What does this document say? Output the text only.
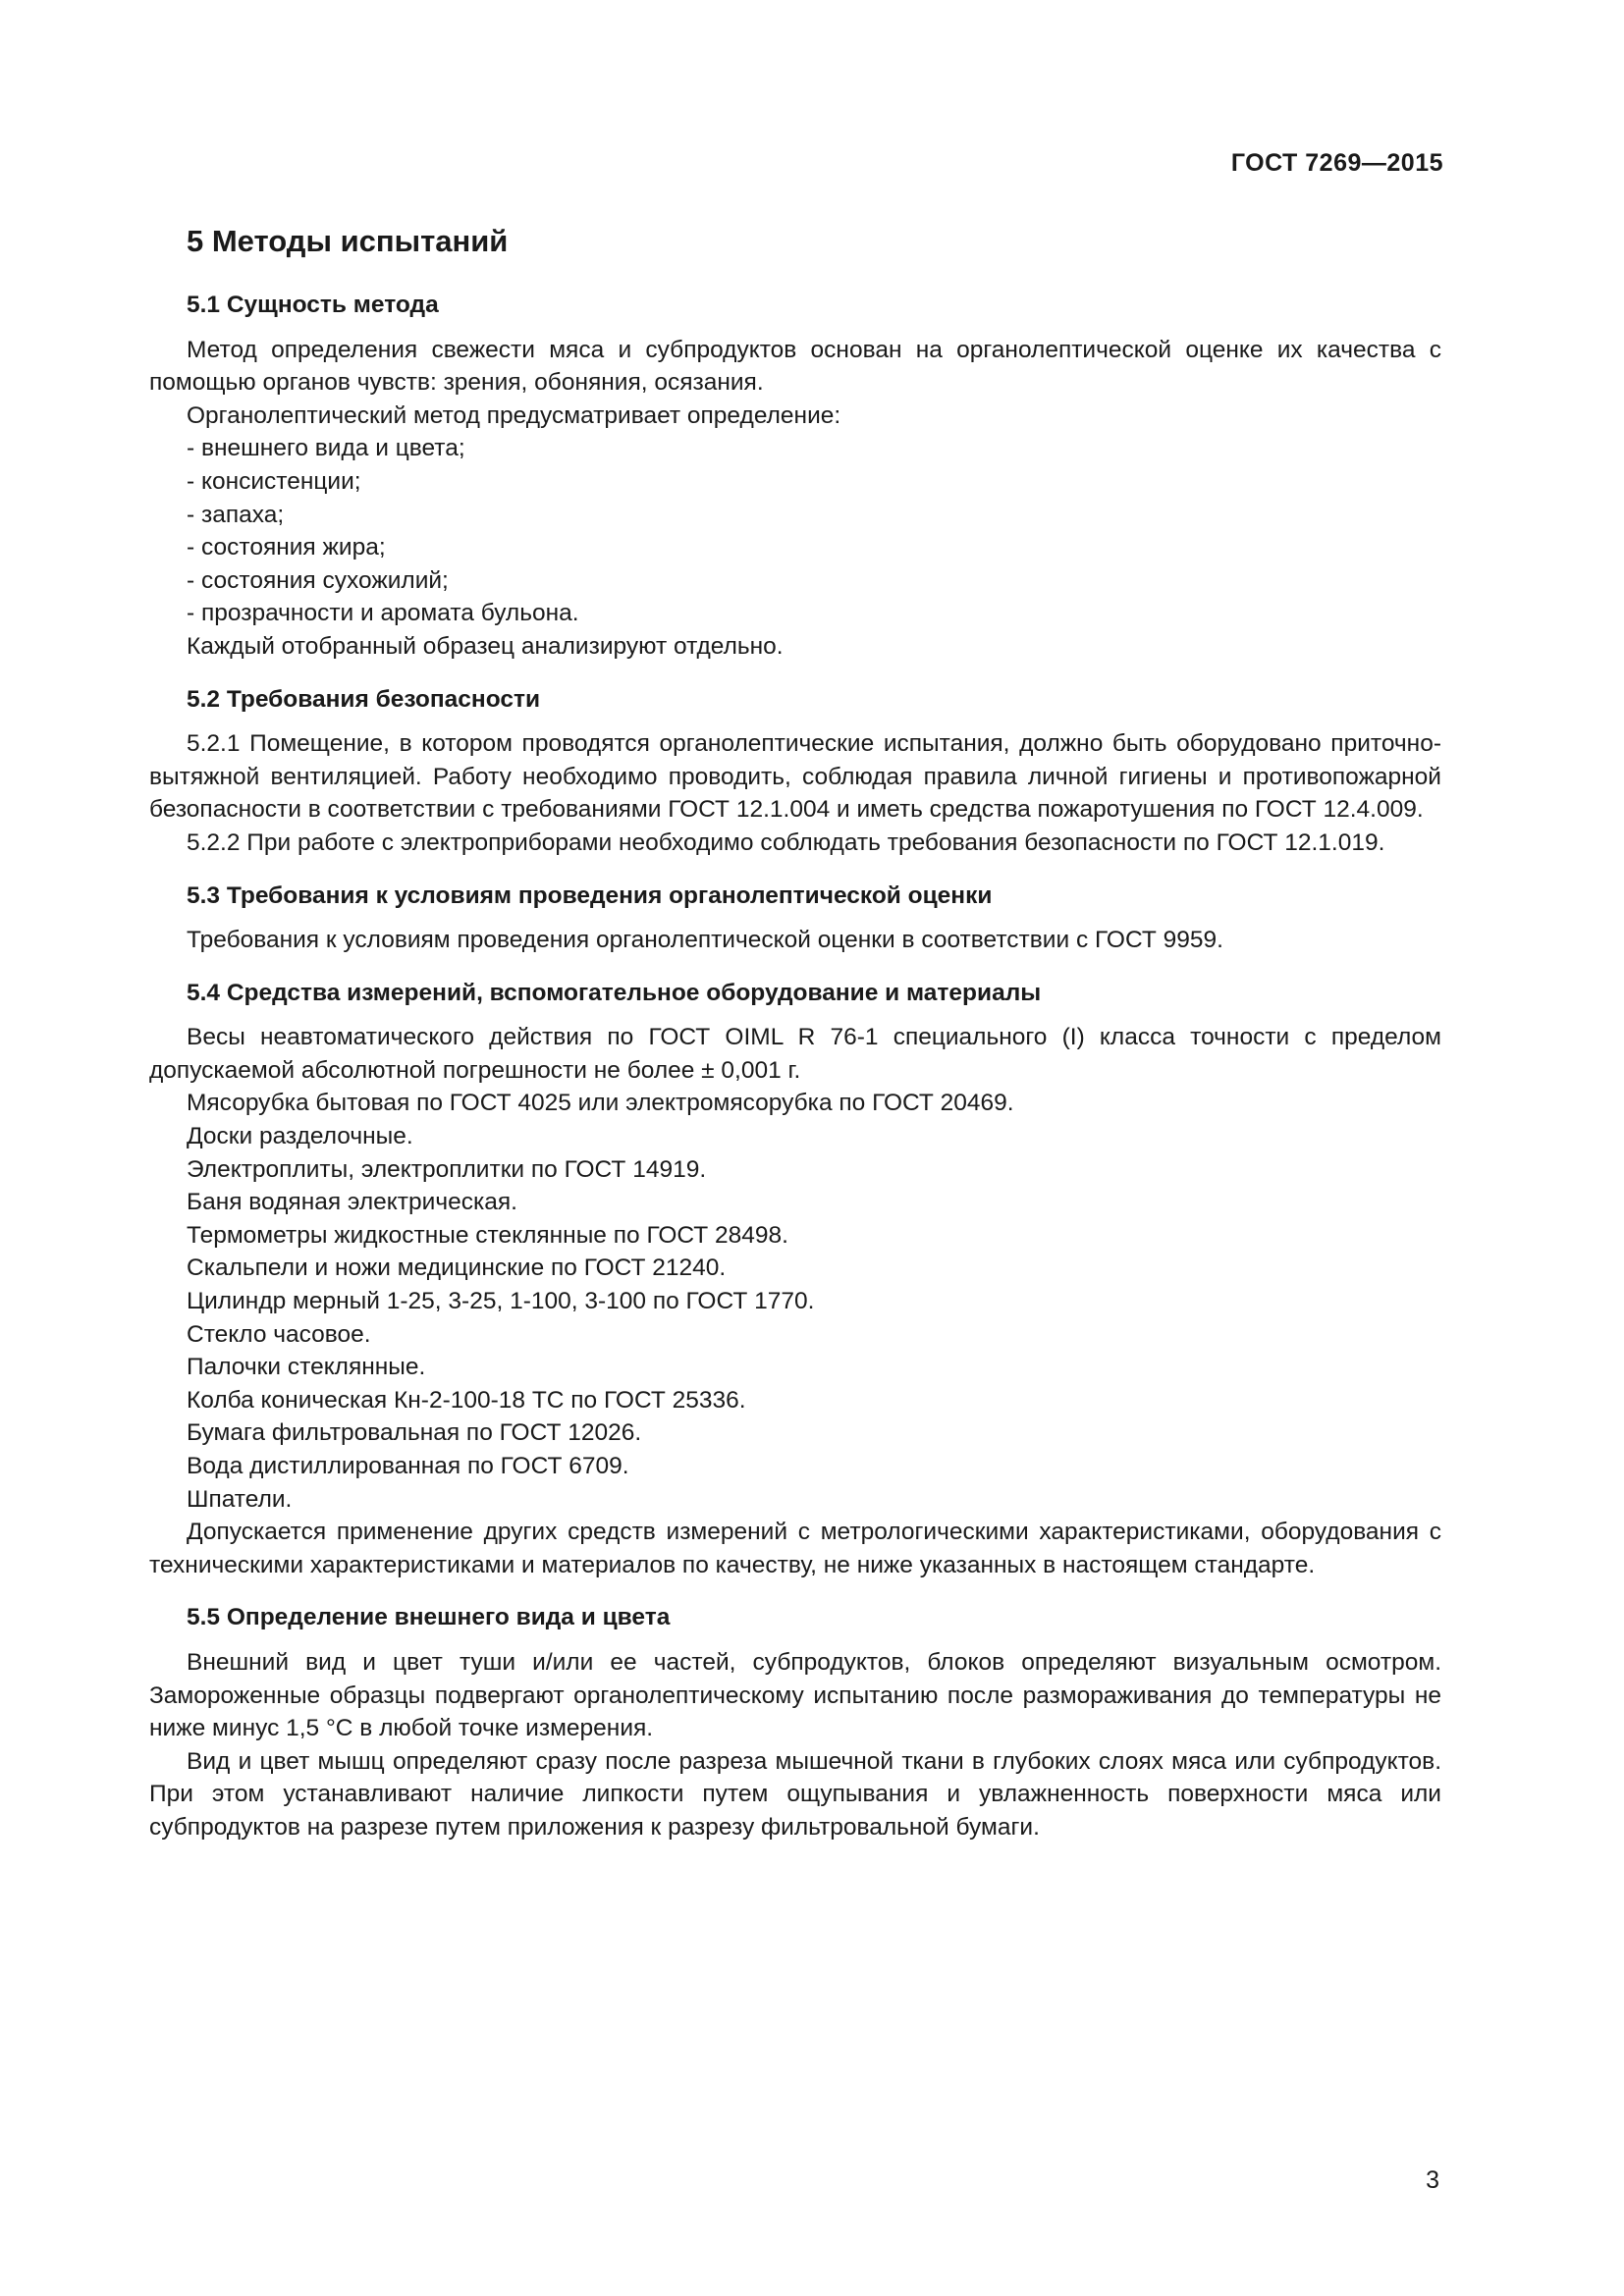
ГОСТ 7269—2015
5 Методы испытаний
5.1 Сущность метода

Метод определения свежести мяса и субпродуктов основан на органолептической оценке их качества с помощью органов чувств: зрения, обоняния, осязания.

Органолептический метод предусматривает определение:

- внешнего вида и цвета;

- консистенции;

- запаха;

- состояния жира;

- состояния сухожилий;

- прозрачности и аромата бульона.

Каждый отобранный образец анализируют отдельно.

5.2 Требования безопасности

5.2.1 Помещение, в котором проводятся органолептические испытания, должно быть оборудовано приточно-вытяжной вентиляцией. Работу необходимо проводить, соблюдая правила личной гигиены и противопожарной безопасности в соответствии с требованиями ГОСТ 12.1.004 и иметь средства пожаротушения по ГОСТ 12.4.009.

5.2.2 При работе с электроприборами необходимо соблюдать требования безопасности по ГОСТ 12.1.019.

5.3 Требования к условиям проведения органолептической оценки

Требования к условиям проведения органолептической оценки в соответствии с ГОСТ 9959.

5.4 Средства измерений, вспомогательное оборудование и материалы

Весы неавтоматического действия по ГОСТ OIML R 76-1 специального (I) класса точности с пределом допускаемой абсолютной погрешности не более ± 0,001 г.

Мясорубка бытовая по ГОСТ 4025 или электромясорубка по ГОСТ 20469.

Доски разделочные.

Электроплиты, электроплитки по ГОСТ 14919.

Баня водяная электрическая.

Термометры жидкостные стеклянные по ГОСТ 28498.

Скальпели и ножи медицинские по ГОСТ 21240.

Цилиндр мерный 1-25, 3-25, 1-100, 3-100 по ГОСТ 1770.

Стекло часовое.

Палочки стеклянные.

Колба коническая Кн-2-100-18 ТС по ГОСТ 25336.

Бумага фильтровальная по ГОСТ 12026.

Вода дистиллированная по ГОСТ 6709.

Шпатели.

Допускается применение других средств измерений с метрологическими характеристиками, оборудования с техническими характеристиками и материалов по качеству, не ниже указанных в настоящем стандарте.

5.5 Определение внешнего вида и цвета

Внешний вид и цвет туши и/или ее частей, субпродуктов, блоков определяют визуальным осмотром. Замороженные образцы подвергают органолептическому испытанию после размораживания до температуры не ниже минус 1,5 °С в любой точке измерения.

Вид и цвет мышц определяют сразу после разреза мышечной ткани в глубоких слоях мяса или субпродуктов. При этом устанавливают наличие липкости путем ощупывания и увлажненность поверхности мяса или субпродуктов на разрезе путем приложения к разрезу фильтровальной бумаги.

3
